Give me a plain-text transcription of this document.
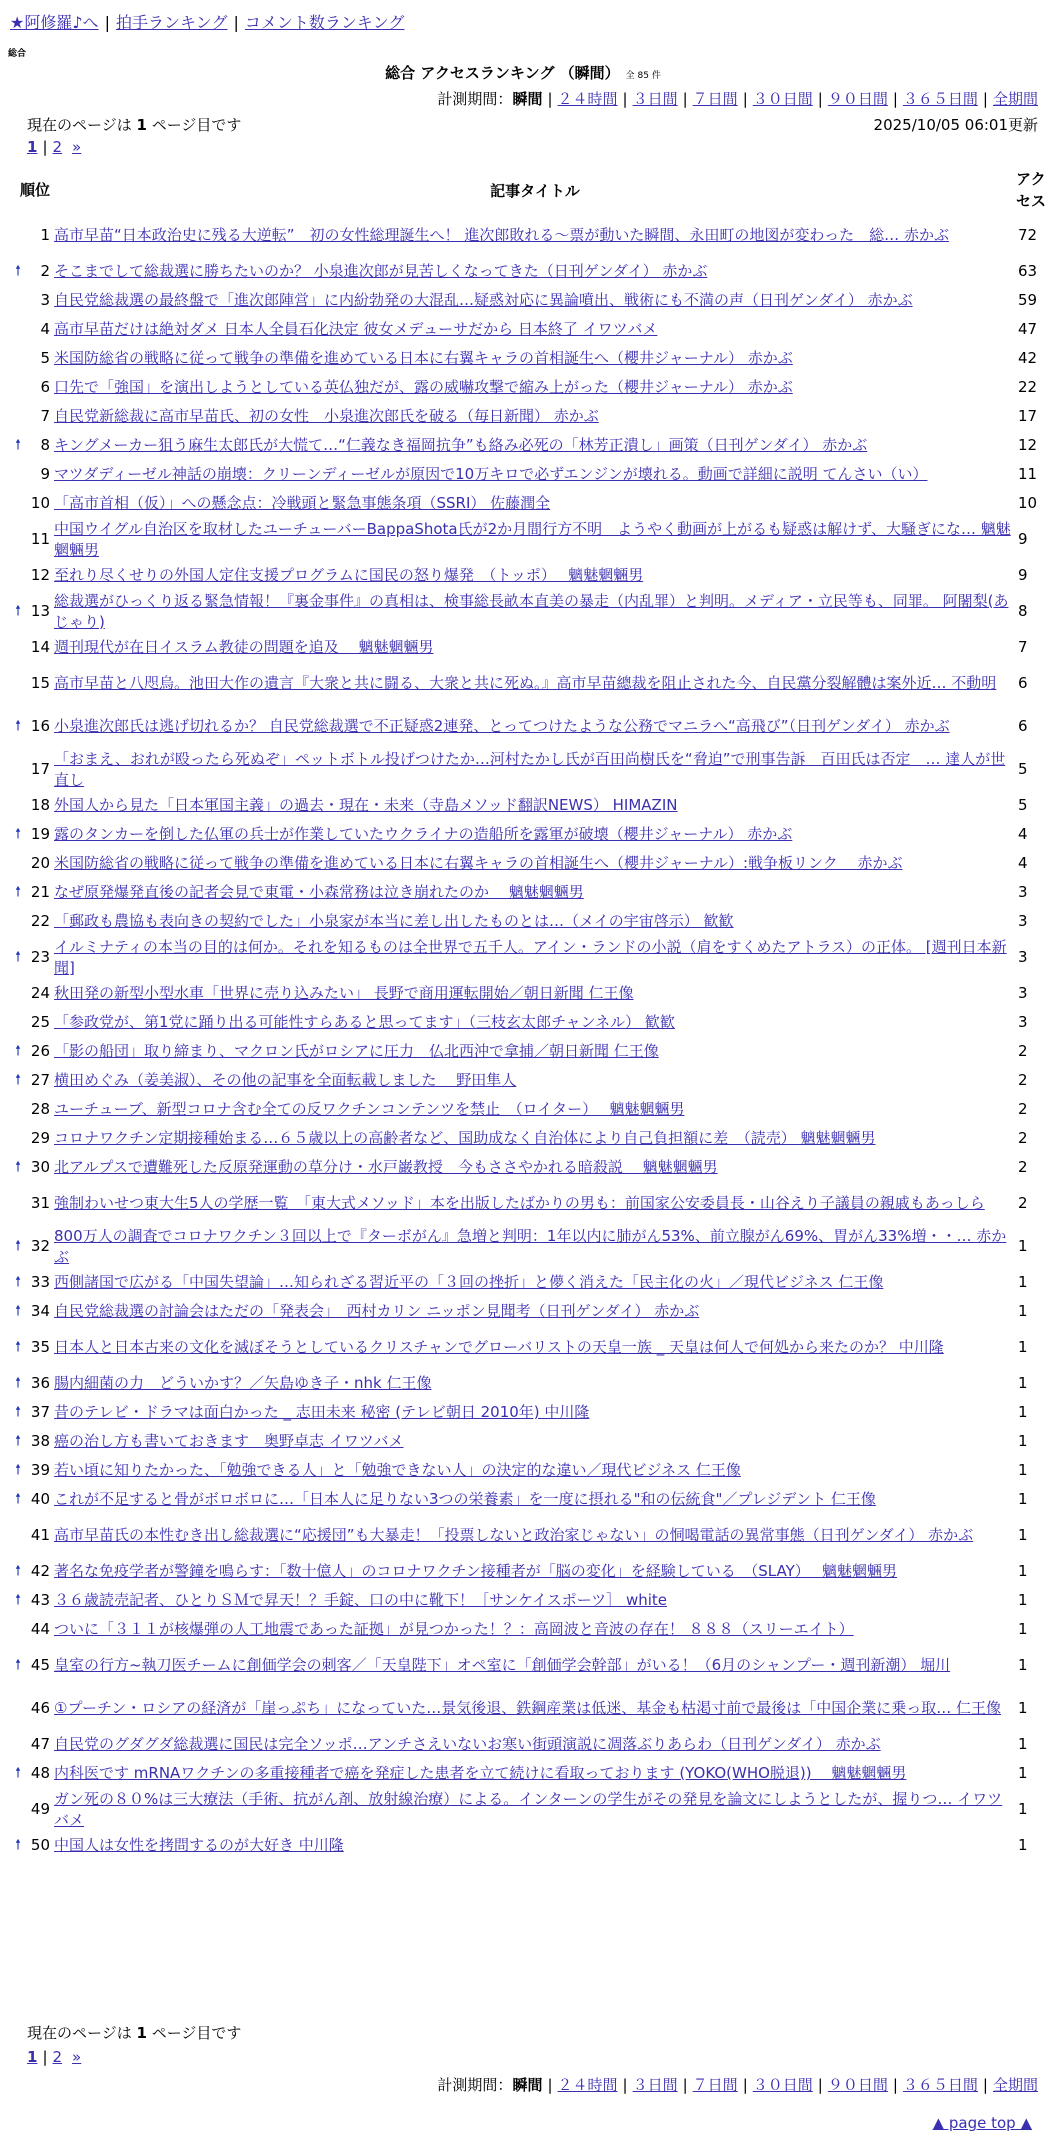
★阿修羅♪へ | 拍手ランキング | コメント数ランキング
総合
総合 アクセスランキング （瞬間） 全 85 件
計測期間：瞬間 | ２４時間 | ３日間 | ７日間 | ３０日間 | ９０日間 | ３６５日間 | 全期間
現在のページは 1 ページ目です	2025/10/05 06:01更新
1 | 2 »
順位		記事タイトル	アクセス
	1	高市早苗“日本政治史に残る大逆転”　初の女性総理誕生へ！ 進次郎敗れる～票が動いた瞬間、永田町の地図が変わった　総… 赤かぶ	72
🠕	2	そこまでして総裁選に勝ちたいのか？ 小泉進次郎が見苦しくなってきた（日刊ゲンダイ） 赤かぶ	63
	3	自民党総裁選の最終盤で「進次郎陣営」に内紛勃発の大混乱…疑惑対応に異論噴出、戦術にも不満の声（日刊ゲンダイ） 赤かぶ	59
	4	高市早苗だけは絶対ダメ 日本人全員石化決定 彼女メデューサだから 日本終了 イワツバメ	47
	5	米国防総省の戦略に従って戦争の準備を進めている日本に右翼キャラの首相誕生へ（櫻井ジャーナル） 赤かぶ	42
	6	口先で「強国」を演出しようとしている英仏独だが、露の威嚇攻撃で縮み上がった（櫻井ジャーナル） 赤かぶ	22
	7	自民党新総裁に高市早苗氏、初の女性　小泉進次郎氏を破る（毎日新聞） 赤かぶ	17
🠕	8	キングメーカー狙う麻生太郎氏が大慌て…“仁義なき福岡抗争”も絡み必死の「林芳正潰し」画策（日刊ゲンダイ） 赤かぶ	12
	9	マツダディーゼル神話の崩壊：クリーンディーゼルが原因で10万キロで必ずエンジンが壊れる。動画で詳細に説明 てんさい（い）	11
	10	「高市首相（仮）」への懸念点：冷戦頭と緊急事態条項（SSRI） 佐藤潤全	10
	11	中国ウイグル自治区を取材したユーチューバーBappaShota氏が2か月間行方不明　ようやく動画が上がるも疑惑は解けず、大騒ぎにな… 魑魅魍魎男	9
	12	至れり尽くせりの外国人定住支援プログラムに国民の怒り爆発　（トッポ）　 魑魅魍魎男	9
🠕	13	総裁選がひっくり返る緊急情報！『裏金事件』の真相は、検事総長畝本直美の暴走（内乱罪）と判明。メディア・立民等も、同罪。 阿闍梨(あじゃり)	8
	14	週刊現代が在日イスラム教徒の問題を追及　 魑魅魍魎男	7
	15	高市早苗と八咫烏。池田大作の遺言『大衆と共に闘る、大衆と共に死ぬ。』高市早苗總裁を阻止された今、自民黨分裂解體は案外近… 不動明	6
🠕	16	小泉進次郎氏は逃げ切れるか？ 自民党総裁選で不正疑惑2連発、とってつけたような公務でマニラへ“高飛び”（日刊ゲンダイ） 赤かぶ	6
	17	「おまえ、おれが殴ったら死ぬぞ」ペットボトル投げつけたか…河村たかし氏が百田尚樹氏を“脅迫”で刑事告訴　百田氏は否定　… 達人が世直し	5
	18	外国人から見た「日本軍国主義」の過去・現在・未来（寺島メソッド翻訳NEWS） HIMAZIN	5
🠕	19	露のタンカーを倒した仏軍の兵士が作業していたウクライナの造船所を露軍が破壊（櫻井ジャーナル） 赤かぶ	4
	20	米国防総省の戦略に従って戦争の準備を進めている日本に右翼キャラの首相誕生へ（櫻井ジャーナル）:戦争板リンク　 赤かぶ	4
🠕	21	なぜ原発爆発直後の記者会見で東電・小森常務は泣き崩れたのか　 魑魅魍魎男	3
	22	「郵政も農協も表向きの契約でした」小泉家が本当に差し出したものとは…（メイの宇宙啓示） 歓歓	3
🠕	23	イルミナティの本当の目的は何か。それを知るものは全世界で五千人。アイン・ランドの小説（肩をすくめたアトラス）の正体。 [週刊日本新聞]	3
	24	秋田発の新型小型水車「世界に売り込みたい」 長野で商用運転開始／朝日新聞 仁王像	3
	25	「参政党が、第1党に踊り出る可能性すらあると思ってます」（三枝玄太郎チャンネル） 歓歓	3
🠕	26	「影の船団」取り締まり、マクロン氏がロシアに圧力　仏北西沖で拿捕／朝日新聞 仁王像	2
🠕	27	横田めぐみ（姜美淑）、その他の記事を全面転載しました　 野田隼人	2
	28	ユーチューブ、新型コロナ含む全ての反ワクチンコンテンツを禁止　（ロイター）　 魑魅魍魎男	2
	29	コロナワクチン定期接種始まる…６５歳以上の高齢者など、国助成なく自治体により自己負担額に差　（読売） 魑魅魍魎男	2
🠕	30	北アルプスで遭難死した反原発運動の草分け・水戸巌教授　今もささやかれる暗殺説　 魑魅魍魎男	2
	31	強制わいせつ東大生5人の学歴一覧　「東大式メソッド」本を出版したばかりの男も：前国家公安委員長・山谷えり子議員の親戚もあっしら	2
🠕	32	800万人の調査でコロナワクチン３回以上で『ターボがん』急増と判明：1年以内に肺がん53%、前立腺がん69%、胃がん33%増・・… 赤かぶ	1
🠕	33	西側諸国で広がる「中国失望論」…知られざる習近平の「３回の挫折」と儚く消えた「民主化の火」／現代ビジネス 仁王像	1
🠕	34	自民党総裁選の討論会はただの「発表会」　西村カリン ニッポン見聞考（日刊ゲンダイ） 赤かぶ	1
🠕	35	日本人と日本古来の文化を滅ぼそうとしているクリスチャンでグローバリストの天皇一族 _ 天皇は何人で何処から来たのか？ 中川隆	1
🠕	36	腸内細菌の力　どういかす？／矢島ゆき子・nhk 仁王像	1
🠕	37	昔のテレビ・ドラマは面白かった _ 志田未来 秘密 (テレビ朝日 2010年) 中川隆	1
🠕	38	癌の治し方も書いておきます　奥野卓志 イワツバメ	1
🠕	39	若い頃に知りたかった、「勉強できる人」と「勉強できない人」の決定的な違い／現代ビジネス 仁王像	1
🠕	40	これが不足すると骨がボロボロに…「日本人に足りない3つの栄養素」を一度に摂れる"和の伝統食"／プレジデント 仁王像	1
	41	高市早苗氏の本性むき出し総裁選に“応援団”も大暴走！「投票しないと政治家じゃない」の恫喝電話の異常事態（日刊ゲンダイ） 赤かぶ	1
🠕	42	著名な免疫学者が警鐘を鳴らす：「数十億人」のコロナワクチン接種者が「脳の変化」を経験している　（SLAY）　 魑魅魍魎男	1
🠕	43	３６歳読売記者、ひとりＳＭで昇天！？手錠、口の中に靴下！［サンケイスポーツ］ white	1
	44	ついに「３１１が核爆弾の人工地震であった証拠」が見つかった！？：高岡波と音波の存在！ ８８８（スリーエイト）	1
🠕	45	皇室の行方~執刀医チームに創価学会の刺客／「天皇陛下」オペ室に「創価学会幹部」がいる！（6月のシャンプー・週刊新潮） 堀川	1
	46	①プーチン・ロシアの経済が「崖っぷち」になっていた…景気後退、鉄鋼産業は低迷、基金も枯渇寸前で最後は「中国企業に乗っ取… 仁王像	1
	47	自民党のグダグダ総裁選に国民は完全ソッポ…アンチさえいないお寒い街頭演説に凋落ぶりあらわ（日刊ゲンダイ） 赤かぶ	1
🠕	48	内科医です mRNAワクチンの多重接種者で癌を発症した患者を立て続けに看取っております (YOKO(WHO脱退)) 　魑魅魍魎男	1
	49	ガン死の８０%は三大療法（手術、抗がん剤、放射線治療）による。インターンの学生がその発見を論文にしようとしたが、握りつ… イワツバメ	1
🠕	50	中国人は女性を拷問するのが大好き 中川隆	1
現在のページは 1 ページ目です
1 | 2 »
計測期間：瞬間 | ２４時間 | ３日間 | ７日間 | ３０日間 | ９０日間 | ３６５日間 | 全期間
▲ page top ▲
